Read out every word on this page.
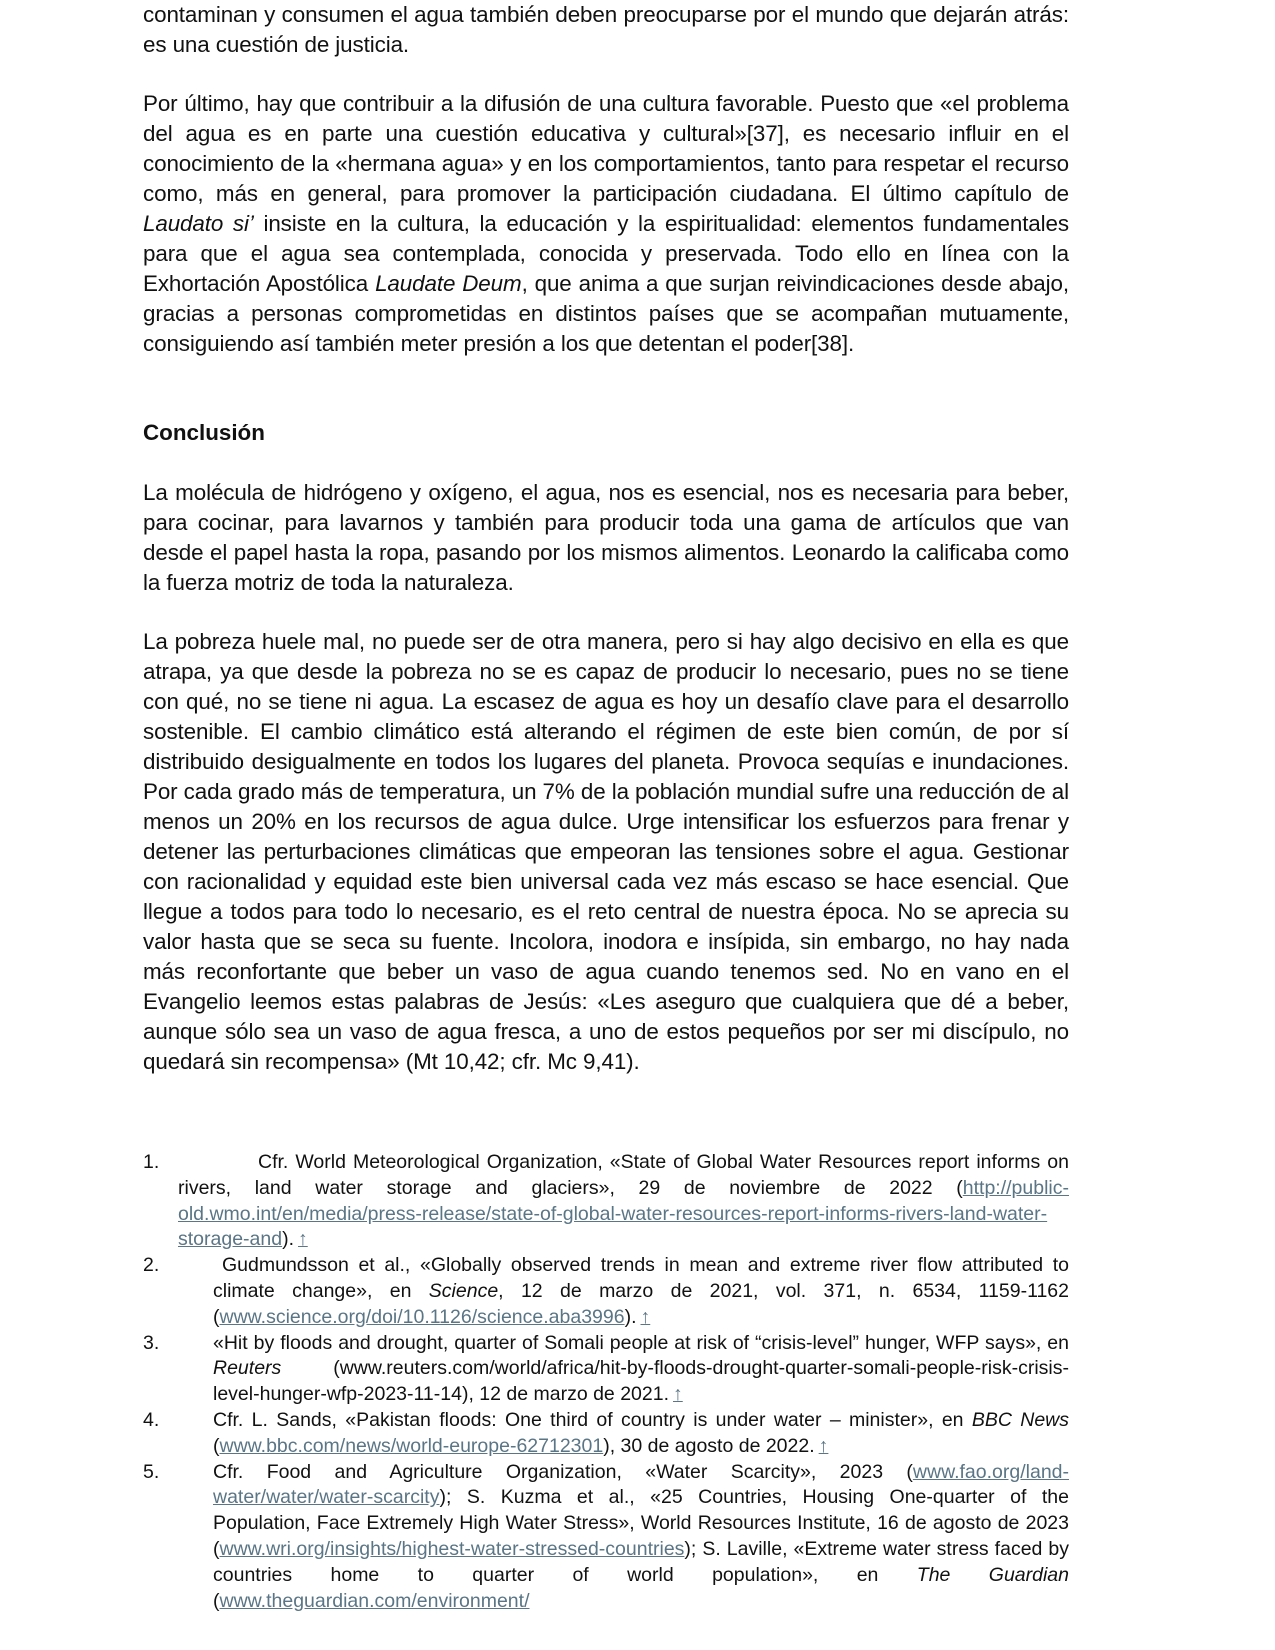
contaminan y consumen el agua también deben preocuparse por el mundo que dejarán atrás: es una cuestión de justicia.

Por último, hay que contribuir a la difusión de una cultura favorable. Puesto que «el problema del agua es en parte una cuestión educativa y cultural»[37], es necesario influir en el conocimiento de la «hermana agua» y en los comportamientos, tanto para respetar el recurso como, más en general, para promover la participación ciudadana. El último capítulo de Laudato si’ insiste en la cultura, la educación y la espiritualidad: elementos fundamentales para que el agua sea contemplada, conocida y preservada. Todo ello en línea con la Exhortación Apostólica Laudate Deum, que anima a que surjan reivindicaciones desde abajo, gracias a personas comprometidas en distintos países que se acompañan mutuamente, consiguiendo así también meter presión a los que detentan el poder[38].

Conclusión

La molécula de hidrógeno y oxígeno, el agua, nos es esencial, nos es necesaria para beber, para cocinar, para lavarnos y también para producir toda una gama de artículos que van desde el papel hasta la ropa, pasando por los mismos alimentos. Leonardo la calificaba como la fuerza motriz de toda la naturaleza.

La pobreza huele mal, no puede ser de otra manera, pero si hay algo decisivo en ella es que atrapa, ya que desde la pobreza no se es capaz de producir lo necesario, pues no se tiene con qué, no se tiene ni agua. La escasez de agua es hoy un desafío clave para el desarrollo sostenible. El cambio climático está alterando el régimen de este bien común, de por sí distribuido desigualmente en todos los lugares del planeta. Provoca sequías e inundaciones. Por cada grado más de temperatura, un 7% de la población mundial sufre una reducción de al menos un 20% en los recursos de agua dulce. Urge intensificar los esfuerzos para frenar y detener las perturbaciones climáticas que empeoran las tensiones sobre el agua. Gestionar con racionalidad y equidad este bien universal cada vez más escaso se hace esencial. Que llegue a todos para todo lo necesario, es el reto central de nuestra época. No se aprecia su valor hasta que se seca su fuente. Incolora, inodora e insípida, sin embargo, no hay nada más reconfortante que beber un vaso de agua cuando tenemos sed. No en vano en el Evangelio leemos estas palabras de Jesús: «Les aseguro que cualquiera que dé a beber, aunque sólo sea un vaso de agua fresca, a uno de estos pequeños por ser mi discípulo, no quedará sin recompensa» (Mt 10,42; cfr. Mc 9,41).

1.	Cfr. World Meteorological Organization, «State of Global Water Resources report informs on rivers, land water storage and glaciers», 29 de noviembre de 2022 (http://public-old.wmo.int/en/media/press-release/state-of-global-water-resources-report-informs-rivers-land-water-storage-and). ↑
2.	Gudmundsson et al., «Globally observed trends in mean and extreme river flow attributed to climate change», en Science, 12 de marzo de 2021, vol. 371, n. 6534, 1159-1162 (www.science.org/doi/10.1126/science.aba3996). ↑
3.	«Hit by floods and drought, quarter of Somali people at risk of “crisis-level” hunger, WFP says», en Reuters (www.reuters.com/world/africa/hit-by-floods-drought-quarter-somali-people-risk-crisis-level-hunger-wfp-2023-11-14), 12 de marzo de 2021. ↑
4.	Cfr. L. Sands, «Pakistan floods: One third of country is under water – minister», en BBC News (www.bbc.com/news/world-europe-62712301), 30 de agosto de 2022. ↑
5.	Cfr. Food and Agriculture Organization, «Water Scarcity», 2023 (www.fao.org/land-water/water/water-scarcity); S. Kuzma et al., «25 Countries, Housing One-quarter of the Population, Face Extremely High Water Stress», World Resources Institute, 16 de agosto de 2023 (www.wri.org/insights/highest-water-stressed-countries); S. Laville, «Extreme water stress faced by countries home to quarter of world population», en The Guardian (www.theguardian.com/environment/
